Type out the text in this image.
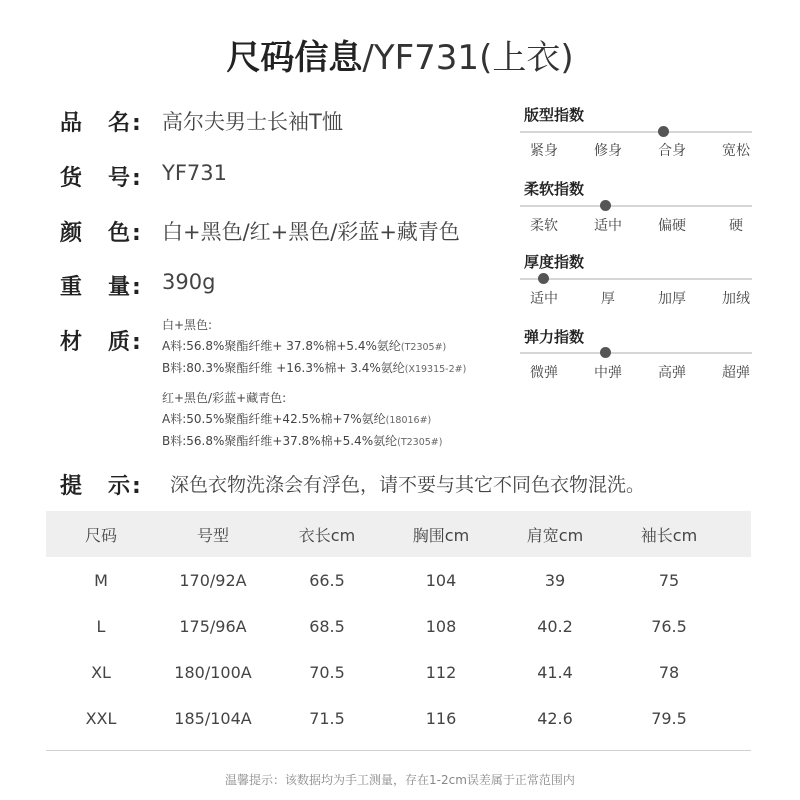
尺码信息/YF731(上衣)
品　名: 高尔夫男士长袖T恤
货　号: YF731
颜　色: 白+黑色/红+黑色/彩蓝+藏青色
重　量: 390g
材　质:
白+黑色:
A料:56.8%聚酯纤维+ 37.8%棉+5.4%氨纶(T2305#)
B料:80.3%聚酯纤维 +16.3%棉+ 3.4%氨纶(X19315-2#)
红+黑色/彩蓝+藏青色:
A料:50.5%聚酯纤维+42.5%棉+7%氨纶(18016#)
B料:56.8%聚酯纤维+37.8%棉+5.4%氨纶(T2305#)
版型指数
紧身	修身	合身	宽松
柔软指数
柔软	适中	偏硬	硬
厚度指数
适中	厚	加厚	加绒
弹力指数
微弹	中弹	高弹	超弹
提　示: 深色衣物洗涤会有浮色，请不要与其它不同色衣物混洗。
尺码	号型	衣长cm	胸围cm	肩宽cm	袖长cm
M	170/92A	66.5	104	39	75
L	175/96A	68.5	108	40.2	76.5
XL	180/100A	70.5	112	41.4	78
XXL	185/104A	71.5	116	42.6	79.5
温馨提示：该数据均为手工测量，存在1-2cm误差属于正常范围内
